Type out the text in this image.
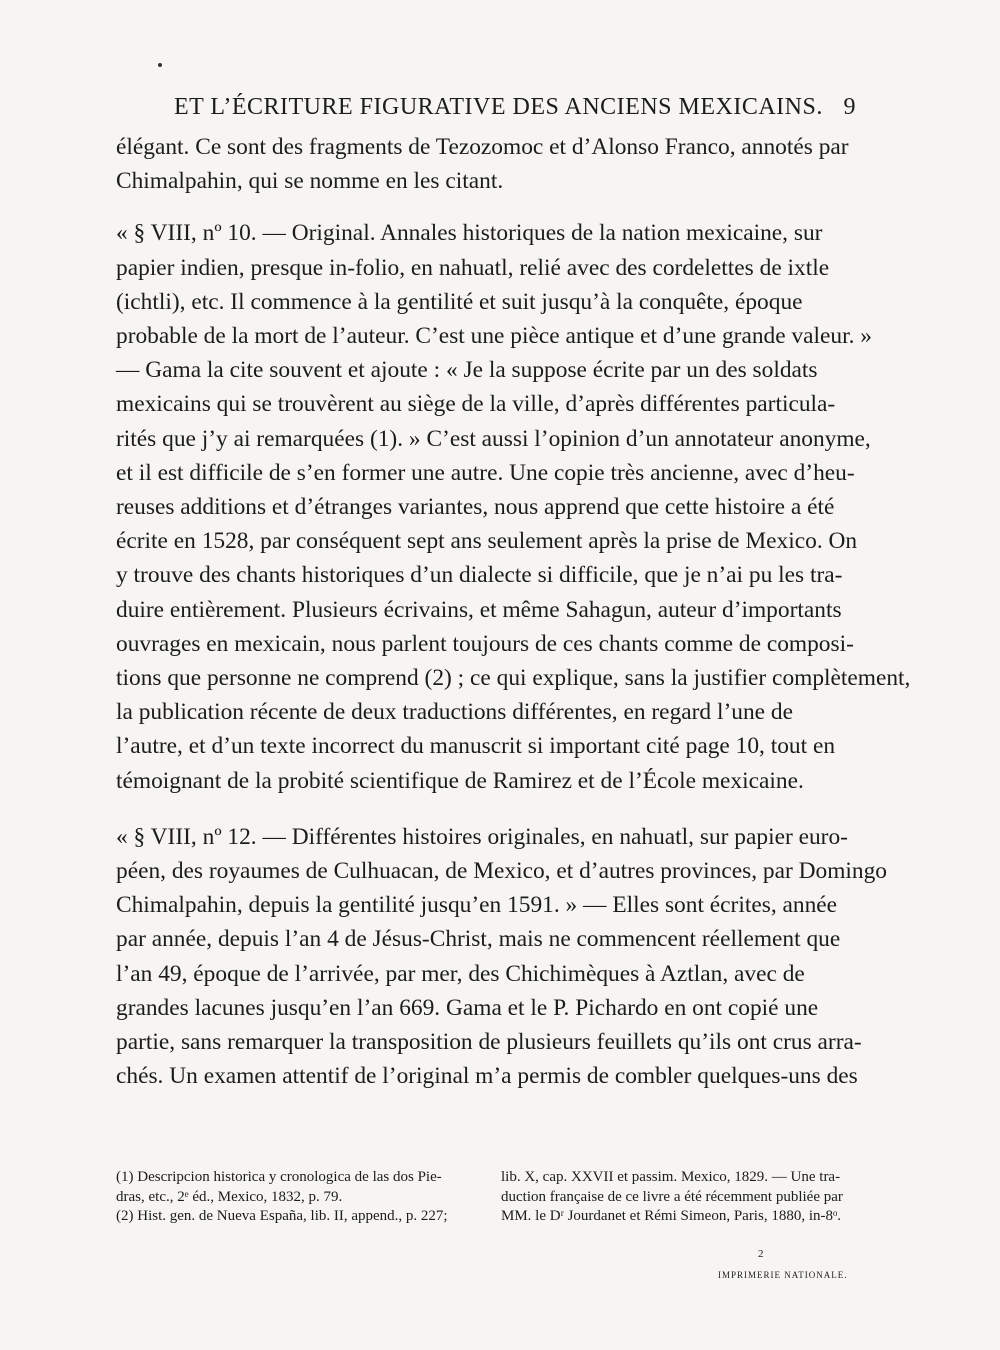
ET L’ÉCRITURE FIGURATIVE DES ANCIENS MEXICAINS. 9

élégant. Ce sont des fragments de Tezozomoc et d’Alonso Franco, annotés par
Chimalpahin, qui se nomme en les citant.

« § VIII, nº 10. — Original. Annales historiques de la nation mexicaine, sur
papier indien, presque in-folio, en nahuatl, relié avec des cordelettes de ixtle
(ichtli), etc. Il commence à la gentilité et suit jusqu’à la conquête, époque
probable de la mort de l’auteur. C’est une pièce antique et d’une grande valeur. »
— Gama la cite souvent et ajoute : « Je la suppose écrite par un des soldats
mexicains qui se trouvèrent au siège de la ville, d’après différentes particula-
rités que j’y ai remarquées (1). » C’est aussi l’opinion d’un annotateur anonyme,
et il est difficile de s’en former une autre. Une copie très ancienne, avec d’heu-
reuses additions et d’étranges variantes, nous apprend que cette histoire a été
écrite en 1528, par conséquent sept ans seulement après la prise de Mexico. On
y trouve des chants historiques d’un dialecte si difficile, que je n’ai pu les tra-
duire entièrement. Plusieurs écrivains, et même Sahagun, auteur d’importants
ouvrages en mexicain, nous parlent toujours de ces chants comme de composi-
tions que personne ne comprend (2) ; ce qui explique, sans la justifier complètement,
la publication récente de deux traductions différentes, en regard l’une de
l’autre, et d’un texte incorrect du manuscrit si important cité page 10, tout en
témoignant de la probité scientifique de Ramirez et de l’École mexicaine.

« § VIII, nº 12. — Différentes histoires originales, en nahuatl, sur papier euro-
péen, des royaumes de Culhuacan, de Mexico, et d’autres provinces, par Domingo
Chimalpahin, depuis la gentilité jusqu’en 1591. » — Elles sont écrites, année
par année, depuis l’an 4 de Jésus-Christ, mais ne commencent réellement que
l’an 49, époque de l’arrivée, par mer, des Chichimèques à Aztlan, avec de
grandes lacunes jusqu’en l’an 669. Gama et le P. Pichardo en ont copié une
partie, sans remarquer la transposition de plusieurs feuillets qu’ils ont crus arra-
chés. Un examen attentif de l’original m’a permis de combler quelques-uns des

(1) Descripcion historica y cronologica de las dos Pie-
dras, etc., 2ᵉ éd., Mexico, 1832, p. 79.
(2) Hist. gen. de Nueva España, lib. II, append., p. 227;
lib. X, cap. XXVII et passim. Mexico, 1829. — Une tra-
duction française de ce livre a été récemment publiée par
MM. le Dʳ Jourdanet et Rémi Simeon, Paris, 1880, in-8ᵒ.
2
IMPRIMERIE NATIONALE.
